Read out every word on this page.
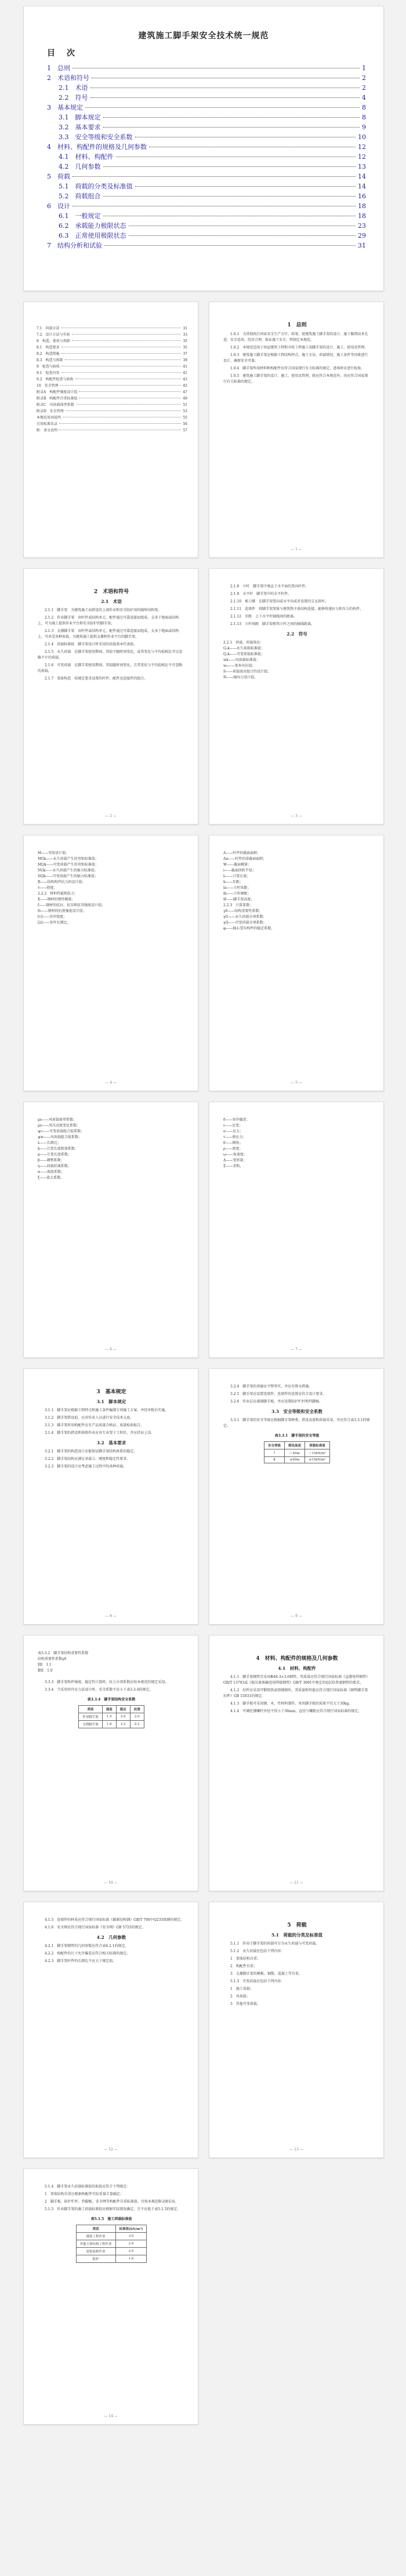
建筑施工脚手架安全技术统一规范
目　次
1　总则	1
2　术语和符号	2
2.1　术语	2
2.2　符号	4
3　基本规定	8
3.1　脚本规定	8
3.2　基本要求	9
3.3　安全等级和安全系数	10
4　材料、构配件的规格及几何参数	12
4.1　材料、构配件	12
4.2　几何参数	13
5　荷载	14
5.1　荷载的分类及标准值	14
5.2　荷载组合	16
6　设计	18
6.1　一般规定	18
6.2　承载能力极限状态	23
6.3　正常使用极限状态	29
7　结构分析和试验	31
7.1　荷载方法	31
7.2　设计方法与实验	33
8　构造、使用与拆除	35
8.1　构造要求	35
8.2　构造措施	37
8.3　构造与拆除	39
9　检查与验收	41
9.1　检查内容	41
9.2　构配件检查与验收	43
10　安全管理	45
附录A　构配件强度设计值	47
附录B　构配件自重标准值	49
附录C　风荷载体型系数	51
附录D　安全管理	53
本规范用词说明	55
引用标准名录	56
附：条文说明	57
1　总则
1.0.1　为贯彻执行国家安全生产方针、政策，使建筑施工脚手架的设计、施工做到技术先进、安全适用、经济合理，保证施工安全，特制定本规范。
1.0.2　本规范适用于房屋建筑工程和市政工程施工用脚手架的设计、施工、使用及管理。
1.0.3　建筑施工脚手架应根据工程结构特点、施工方法、荷载情况、施工条件等因素进行设计，确保安全可靠。
1.0.4　脚手架所用材料和构配件应符合国家现行有关标准的规定，进场时应进行检验。
1.0.5　建筑施工脚手架的设计、施工、使用及管理，除应符合本规范外，尚应符合国家现行有关标准的规定。
— 1 —
2　术语和符号
2.1　术语
2.1.1　脚手架　为建筑施工而搭设的上部作业和安全防护用的临时结构架。
2.1.2　作业脚手架　由杆件或结构单元、配件通过可靠连接而组成，支承于地面或结构上，可为施工提供作业平台和安全防护的脚手架。
2.1.3　支撑脚手架　由杆件或结构单元、配件通过可靠连接而组成，支承于地面或结构上，可承受各种荷载，为建筑施工提供支撑和作业平台的脚手架。
2.1.4　荷载标准值　脚手架设计时采用的荷载基本代表值。
2.1.5　永久荷载　在脚手架使用期间，其值不随时间变化，或其变化与平均值相比可以忽略不计的荷载。
2.1.6　可变荷载　在脚手架使用期间，其值随时间变化，且其变化与平均值相比不可忽略的荷载。
2.1.7　架体构造　按规定要求设置的杆件、配件及连接件的组合。
— 2 —
2.1.8　立杆　脚手架中垂直于水平面的竖向杆件。
2.1.9　水平杆　脚手架中的水平杆件。
2.1.10　剪刀撑　在脚手架竖向或水平向成对设置的交叉斜杆。
2.1.11　连墙件　将脚手架架体与建筑物主体结构连接，能够传递拉力和压力的构件。
2.1.12　步距　上下水平杆轴线间的距离。
2.1.13　立杆间距　脚手架相邻立杆之间的轴线距离。
2.2　符号
2.2.1　荷载、荷载效应：
G₁k——永久荷载标准值；
Q₁k——可变荷载标准值；
wk——风荷载标准值；
w₀——基本风压值；
S——荷载效应组合的设计值；
N——轴向力设计值。
— 3 —
M——弯矩设计值；
MGk——永久荷载产生的弯矩标准值；
MQk——可变荷载产生的弯矩标准值；
NGk——永久荷载产生的轴力标准值；
NQk——可变荷载产生的轴力标准值；
R——结构构件抗力的设计值；
v——挠度；
2.2.2　材料性能和抗力：
E——钢材的弹性模量；
f——钢材的抗拉、抗压和抗弯强度设计值；
fv——钢材的抗剪强度设计值；
[v]——容许挠度；
[λ]——容许长细比。
— 4 —
A——杆件的截面面积；
An——杆件的净截面面积；
W——截面模量；
i——截面回转半径；
l₀——计算长度；
h——步距；
la——立杆纵距；
lb——立杆横距；
H——脚手架高度；
2.2.3　计算系数：
γ0——结构重要性系数；
γG——永久荷载分项系数；
γQ——可变荷载分项系数；
φ——轴心受压构件的稳定系数。
— 5 —
μs——风荷载体型系数；
μz——风压高度变化系数；
ψc——可变荷载组合值系数；
ψw——风荷载组合值系数；
λ——长细比；
k——计算长度附加系数；
μ——计算长度系数；
β——调整系数；
η——荷载折减系数；
α——坡度系数；
ξ——放大系数。
— 6 —
δ——容许偏差；
ε——应变；
σ——应力；
τ——剪应力；
θ——倾角；
ρ——密度；
ω——角速度；
Δ——变形量；
Σ——求和。
— 7 —
3　基本规定
3.1　脚本规定
3.1.1　脚手架应根据工程特点和施工条件编制专项施工方案，并经审批后实施。
3.1.2　脚手架搭设前，应对作业人员进行安全技术交底。
3.1.3　脚手架所用构配件应有产品质量合格证、质量检验报告。
3.1.4　脚手架的搭设和拆除作业应由专业架子工担任，并应持证上岗。
3.2　基本要求
3.2.1　脚手架的构造设计应能保证脚手架结构体系的稳定。
3.2.2　脚手架结构应满足承载力、刚度和稳定性要求。
3.2.3　脚手架的设计应考虑施工过程中的各种荷载。
— 8 —
3.2.4　脚手架的基础应平整坚实，并应有排水措施。
3.2.5　脚手架应设置连墙件，连墙件的设置应符合设计要求。
3.2.6　作业层应满铺脚手板，并应设置防护栏杆和挡脚板。
3.3　安全等级和安全系数
3.3.1　脚手架的安全等级应根据脚手架种类、搭设高度和荷载采用，并应符合表3.3.1的规定。
表3.3.1　脚手架的安全等级
安全等级	搭设高度	荷载标准值
Ⅰ	＞40m	＞15kN/m²
Ⅱ	≤40m	≤15kN/m²
— 9 —
表3.3.2　脚手架结构重要性系数
结构重要性系数γ0
Ⅰ级　1.1
Ⅱ级　1.0
3.3.3　脚手架构件强度、稳定性计算时，抗力分项系数应按本规范的规定采用。
3.3.4　当采用容许应力法设计时，安全系数不应小于表3.3.4的规定。
表3.3.4　脚手架结构安全系数
类别	强度	稳定	抗滑
作业脚手架	1.5	2.0	2.0
支撑脚手架	1.6	2.2	2.2
— 10 —
4　材料、构配件的规格及几何参数
4.1　材料、构配件
4.1.1　脚手架钢管宜采用Φ48.3×3.6钢管，其质量应符合现行国家标准《直缝电焊钢管》GB/T 13793或《低压流体输送用焊接钢管》GB/T 3091中规定的Q235普通钢管的要求。
4.1.2　扣件应采用可锻铸铁或铸钢制作，其质量和性能应符合现行国家标准《钢管脚手架扣件》GB 15831的规定。
4.1.3　脚手板可采用钢、木、竹材料制作，单块脚手板的质量不宜大于30kg。
4.1.4　可调托撑螺杆外径不得小于36mm，直径与螺距应符合现行国家标准的规定。
— 11 —
4.1.5　连墙件的材质应符合现行国家标准《碳素结构钢》GB/T 700中Q235级钢的规定。
4.1.6　安全网应符合现行国家标准《安全网》GB 5725的规定。
4.2　几何参数
4.2.1　脚手架钢管的几何参数应符合表4.2.1的规定。
4.2.2　构配件的尺寸允许偏差应符合相关标准的规定。
4.2.3　脚手架杆件的长细比不应大于规定值。
— 12 —
5　荷载
5.1　荷载的分类及标准值
5.1.1　作用于脚手架的荷载可分为永久荷载与可变荷载。
5.1.2　永久荷载应包括下列内容：
1　架体结构自重；
2　构配件自重；
3　支撑脚手架的模板、钢筋、混凝土等自重。
5.1.3　可变荷载应包括下列内容：
1　施工荷载；
2　风荷载；
3　其他可变荷载。
— 13 —
5.1.4　脚手架永久荷载标准值的取值应符合下列规定：
1　架体结构自重应根据构配件实际重量计算确定；
2　脚手板、防护栏杆、挡脚板、安全网等构配件自重标准值，宜按本规范附录B采用。
5.1.5　作业脚手架的施工荷载标准值应根据实际情况确定，且不应低于表5.1.5的规定。
表5.1.5　施工荷载标准值
类别	标准值(kN/m²)
砌筑工程作业	3.0
其他主体结构工程作业	2.0
装饰装修作业	2.0
防护	1.0
— 14 —
